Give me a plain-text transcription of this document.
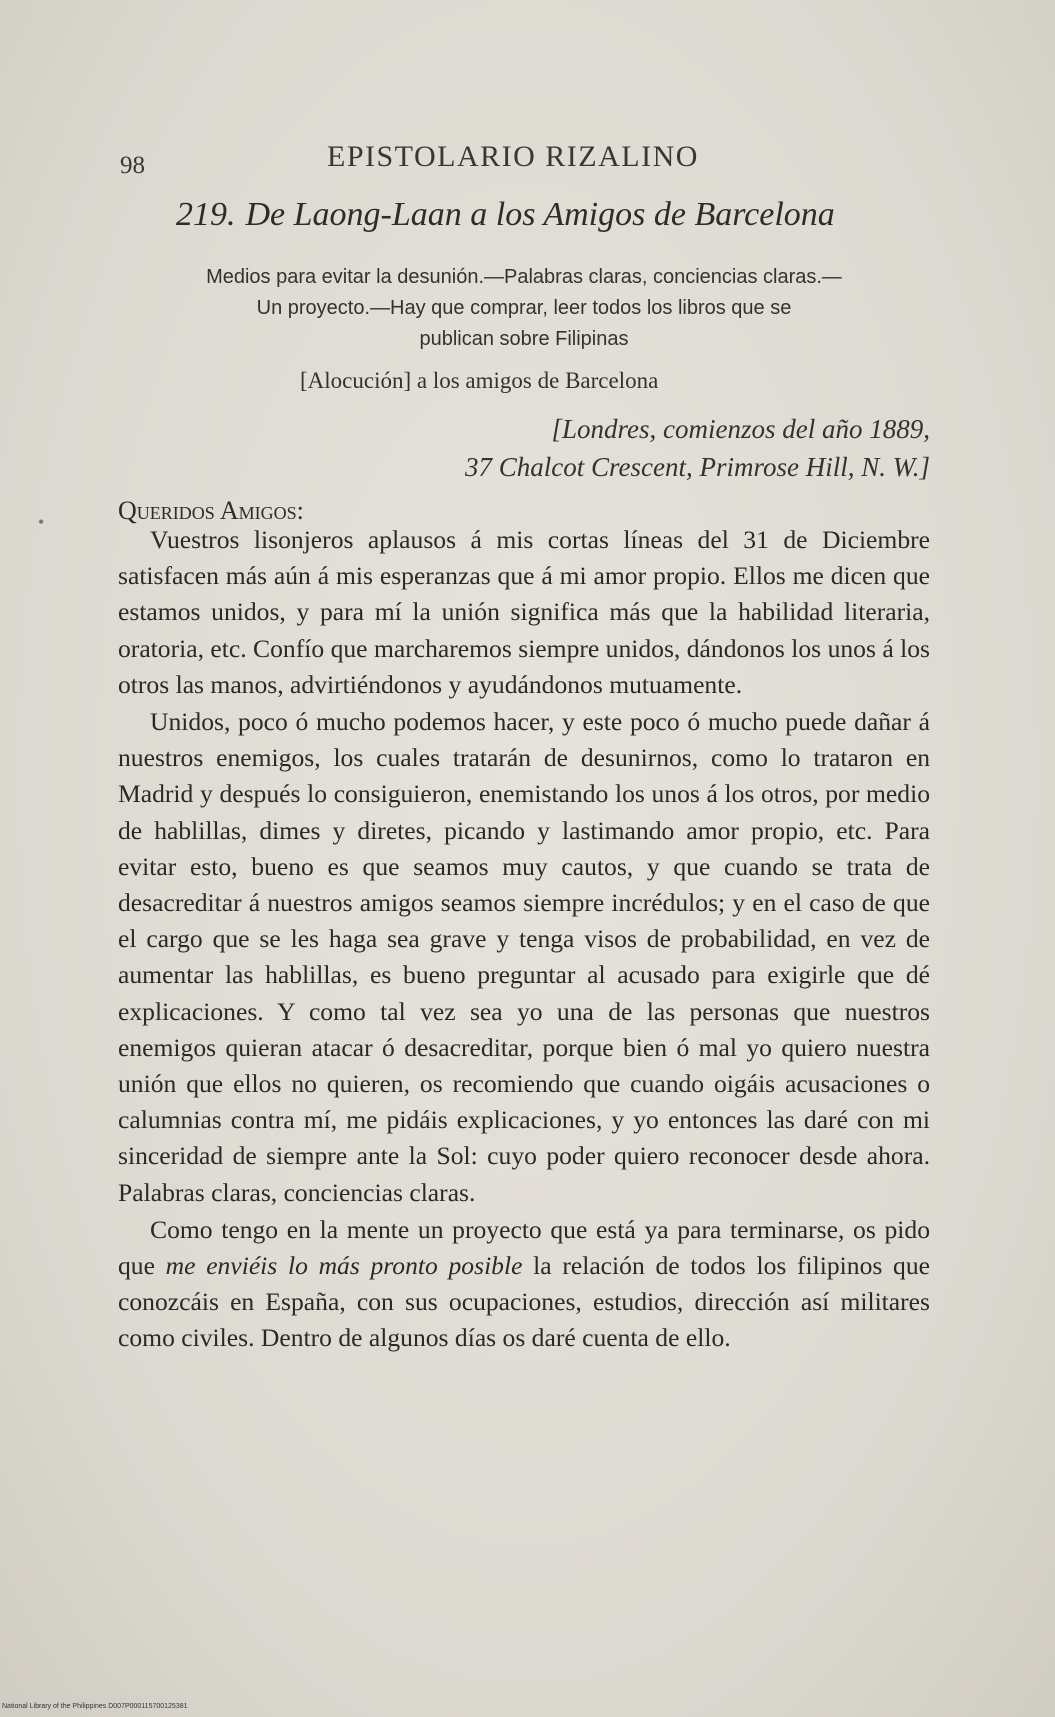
98	EPISTOLARIO RIZALINO
219. De Laong-Laan a los Amigos de Barcelona
Medios para evitar la desunión.—Palabras claras, conciencias claras.—
Un proyecto.—Hay que comprar, leer todos los libros que se
publican sobre Filipinas
[Alocución] a los amigos de Barcelona
[Londres, comienzos del año 1889,
37 Chalcot Crescent, Primrose Hill, N. W.]
•	Queridos Amigos:

Vuestros lisonjeros aplausos á mis cortas líneas del 31 de Diciembre satisfacen más aún á mis esperanzas que á mi amor propio. Ellos me dicen que estamos unidos, y para mí la unión significa más que la habilidad literaria, oratoria, etc. Confío que marcharemos siempre unidos, dándonos los unos á los otros las manos, advirtiéndonos y ayudándonos mutuamente.

Unidos, poco ó mucho podemos hacer, y este poco ó mucho puede dañar á nuestros enemigos, los cuales tratarán de desunirnos, como lo trataron en Madrid y después lo consiguieron, enemistando los unos á los otros, por medio de hablillas, dimes y diretes, picando y lastimando amor propio, etc. Para evitar esto, bueno es que seamos muy cautos, y que cuando se trata de desacreditar á nuestros amigos seamos siempre incrédulos; y en el caso de que el cargo que se les haga sea grave y tenga visos de probabilidad, en vez de aumentar las hablillas, es bueno preguntar al acusado para exigirle que dé explicaciones. Y como tal vez sea yo una de las personas que nuestros enemigos quieran atacar ó desacreditar, porque bien ó mal yo quiero nuestra unión que ellos no quieren, os recomiendo que cuando oigáis acusaciones o calumnias contra mí, me pidáis explicaciones, y yo entonces las daré con mi sinceridad de siempre ante la Sol: cuyo poder quiero reconocer desde ahora. Palabras claras, conciencias claras.

Como tengo en la mente un proyecto que está ya para terminarse, os pido que me enviéis lo más pronto posible la relación de todos los filipinos que conozcáis en España, con sus ocupaciones, estudios, dirección así militares como civiles. Dentro de algunos días os daré cuenta de ello.

National Library of the Philippines D007P000115700125381
